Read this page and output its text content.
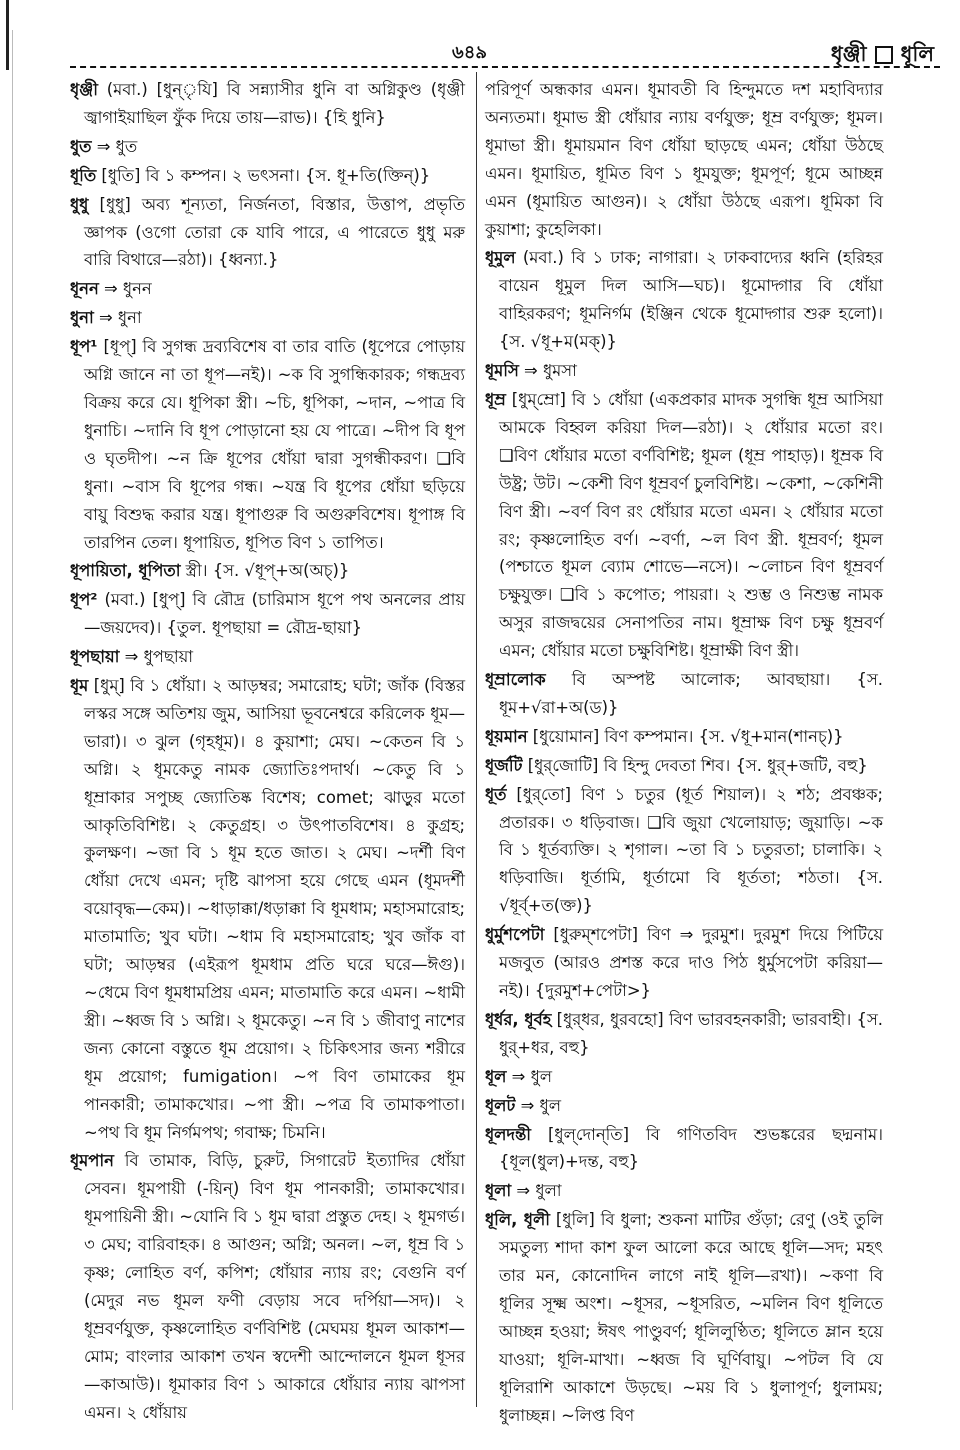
৬৪৯	ধৃঞ্জী ধূলি
ধৃঞ্জী (মবা.) [ধুন্‌ৃযি] বি সন্ন্যাসীর ধুনি বা অগ্নিকুণ্ড (ধৃঞ্জী জ্বাগাইয়াছিল ফুঁক দিয়ে তায়—রাভ)। {হি ধুনি}
ধুত ⇒ ধুত
ধূতি [ধুতি] বি ১ কম্পন। ২ ভৎসনা। {স. ধূ+তি(ক্তিন্‌)}
ধুধু [ধুধু] অব্য শূন্যতা, নির্জনতা, বিস্তার, উত্তাপ, প্রভৃতি জ্ঞাপক (ওগো তোরা কে যাবি পারে, এ পারেতে ধুধু মরু বারি বিথারে—রঠা)। {ধ্বন্যা.}
ধূনন ⇒ ধুনন
ধুনা ⇒ ধুনা
ধূপ¹ [ধূপ্‌] বি সুগন্ধ দ্রব্যবিশেষ বা তার বাতি (ধূপেরে পোড়ায় অগ্নি জানে না তা ধূপ—নই)। ~ক বি সুগন্ধিকারক; গন্ধদ্রব্য বিক্রয় করে যে। ধূপিকা স্ত্রী। ~চি, ধূপিকা, ~দান, ~পাত্র বি ধুনাচি। ~দানি বি ধূপ পোড়ানো হয় যে পাত্রে। ~দীপ বি ধূপ ও ঘৃতদীপ। ~ন ক্রি ধূপের ধোঁয়া দ্বারা সুগন্ধীকরণ। ❑বি ধুনা। ~বাস বি ধূপের গন্ধ। ~যন্ত্র বি ধূপের ধোঁয়া ছড়িয়ে বায়ু বিশুদ্ধ করার যন্ত্র। ধূপাগুরু বি অগুরুবিশেষ। ধূপাঙ্গ বি তারপিন তেল। ধূপায়িত, ধূপিত বিণ ১ তাপিত।
ধূপায়িতা, ধূপিতা স্ত্রী। {স. √ধূপ্‌+অ(অচ্‌)}
ধূপ² (মবা.) [ধুপ্‌] বি রৌদ্র (চারিমাস ধূপে পথ অনলের প্রায়—জয়দেব)। {তুল. ধূপছায়া = রৌদ্র-ছায়া}
ধূপছায়া ⇒ ধুপছায়া
ধূম [ধুম্‌] বি ১ ধোঁয়া। ২ আড়ম্বর; সমারোহ; ঘটা; জাঁক (বিস্তর লস্কর সঙ্গে অতিশয় জুম, আসিয়া ভূবনেশ্বরে করিলেক ধূম—ভারা)। ৩ ঝুল (গৃহধূম)। ৪ কুয়াশা; মেঘ। ~কেতন বি ১ অগ্নি। ২ ধূমকেতু নামক জ্যোতিঃপদার্থ। ~কেতু বি ১ ধূম্রাকার সপুচ্ছ জ্যোতিষ্ক বিশেষ; comet; ঝাড়ুর মতো আকৃতিবিশিষ্ট। ২ কেতুগ্রহ। ৩ উৎপাতবিশেষ। ৪ কুগ্রহ; কুলক্ষণ। ~জা বি ১ ধূম হতে জাত। ২ মেঘ। ~দর্শী বিণ ধোঁয়া দেখে এমন; দৃষ্টি ঝাপসা হয়ে গেছে এমন (ধূমদর্শী বয়োবৃদ্ধ—কেম)। ~ধাড়াক্কা/ধড়াক্কা বি ধূমধাম; মহাসমারোহ; মাতামাতি; খুব ঘটা। ~ধাম বি মহাসমারোহ; খুব জাঁক বা ঘটা; আড়ম্বর (এইরূপ ধূমধাম প্রতি ঘরে ঘরে—ঈগু)। ~ধেমে বিণ ধূমধামপ্রিয় এমন; মাতামাতি করে এমন। ~ধামী স্ত্রী। ~ধ্বজ বি ১ অগ্নি। ২ ধূমকেতু। ~ন বি ১ জীবাণু নাশের জন্য কোনো বস্তুতে ধূম প্রয়োগ। ২ চিকিৎসার জন্য শরীরে ধূম প্রয়োগ; fumigation। ~প বিণ তামাকের ধূম পানকারী; তামাকখোর। ~পা স্ত্রী। ~পত্র বি তামাকপাতা। ~পথ বি ধূম নির্গমপথ; গবাক্ষ; চিমনি।
ধূমপান বি তামাক, বিড়ি, চুরুট, সিগারেট ইত্যাদির ধোঁয়া সেবন। ধূমপায়ী (-য়িন্‌) বিণ ধূম পানকারী; তামাকখোর। ধূমপায়িনী স্ত্রী। ~যোনি বি ১ ধূম দ্বারা প্রস্তুত দেহ। ২ ধূমগর্ভ। ৩ মেঘ; বারিবাহক। ৪ আগুন; অগ্নি; অনল। ~ল, ধূম্র বি ১ কৃষ্ণ; লোহিত বর্ণ, কপিশ; ধোঁয়ার ন্যায় রং; বেগুনি বর্ণ (মেদুর নভ ধূমল ফণী বেড়ায় সবে দর্পিয়া—সদ)। ২ ধূম্রবর্ণযুক্ত, কৃষ্ণলোহিত বর্ণবিশিষ্ট (মেঘময় ধূমল আকাশ—মোম; বাংলার আকাশ তখন স্বদেশী আন্দোলনে ধূমল ধূসর—কাআউ)। ধূমাকার বিণ ১ আকারে ধোঁয়ার ন্যায় ঝাপসা এমন। ২ ধোঁয়ায়
পরিপূর্ণ অন্ধকার এমন। ধূমাবতী বি হিন্দুমতে দশ মহাবিদ্যার অন্যতমা। ধূমাভ স্ত্রী ধোঁয়ার ন্যায় বর্ণযুক্ত; ধূম্র বর্ণযুক্ত; ধূমল। ধূমাভা স্ত্রী। ধূমায়মান বিণ ধোঁয়া ছাড়ছে এমন; ধোঁয়া উঠছে এমন। ধূমায়িত, ধূমিত বিণ ১ ধূমযুক্ত; ধূমপূর্ণ; ধূমে আচ্ছন্ন এমন (ধূমায়িত আগুন)। ২ ধোঁয়া উঠছে এরূপ। ধূমিকা বি কুয়াশা; কুহেলিকা।
ধূমুল (মবা.) বি ১ ঢাক; নাগারা। ২ ঢাকবাদ্যের ধ্বনি (হরিহর বায়েন ধূমুল দিল আসি—ঘচ)। ধূমোদ্গার বি ধোঁয়া বাহিরকরণ; ধূমনির্গম (ইঞ্জিন থেকে ধূমোদ্গার শুরু হলো)। {স. √ধূ+ম(মক্‌)}
ধূমসি ⇒ ধুমসা
ধূম্র [ধুম্‌ম্রো] বি ১ ধোঁয়া (একপ্রকার মাদক সুগন্ধি ধূম্র আসিয়া আমকে বিহ্বল করিয়া দিল—রঠা)। ২ ধোঁয়ার মতো রং। ❑বিণ ধোঁয়ার মতো বর্ণবিশিষ্ট; ধূমল (ধূম্র পাহাড়)। ধূম্রক বি উষ্ট্র; উট। ~কেশী বিণ ধূম্রবর্ণ চুলবিশিষ্ট। ~কেশা, ~কেশিনী বিণ স্ত্রী। ~বর্ণ বিণ রং ধোঁয়ার মতো এমন। ২ ধোঁয়ার মতো রং; কৃষ্ণলোহিত বর্ণ। ~বর্ণা, ~ল বিণ স্ত্রী. ধূম্রবর্ণ; ধূমল (পশ্চাতে ধূমল ব্যোম শোভে—নসে)। ~লোচন বিণ ধূম্রবর্ণ চক্ষুযুক্ত। ❑বি ১ কপোত; পায়রা। ২ শুম্ভ ও নিশুম্ভ নামক অসুর রাজদ্বয়ের সেনাপতির নাম। ধূম্রাক্ষ বিণ চক্ষু ধূম্রবর্ণ এমন; ধোঁয়ার মতো চক্ষুবিশিষ্ট। ধূম্রাক্ষী বিণ স্ত্রী।
ধূম্রালোক বি অস্পষ্ট আলোক; আবছায়া। {স. ধূম+√রা+অ(ড)}
ধূয়মান [ধুয়োমান] বিণ কম্পমান। {স. √ধূ+মান(শানচ্‌)}
ধূর্জটি [ধুর্‌জোটি] বি হিন্দু দেবতা শিব। {স. ধুর্‌+জটি, বহু}
ধূর্ত [ধুর্‌তো] বিণ ১ চতুর (ধূর্ত শিয়াল)। ২ শঠ; প্রবঞ্চক; প্রতারক। ৩ ধড়িবাজ। ❑বি জুয়া খেলোয়াড়; জুয়াড়ি। ~ক বি ১ ধূর্তব্যক্তি। ২ শৃগাল। ~তা বি ১ চতুরতা; চালাকি। ২ ধড়িবাজি। ধূর্তামি, ধূর্তামো বি ধূর্ততা; শঠতা। {স. √ধূর্ব্‌+ত(ক্ত)}
ধুর্মুশপেটা [ধুরুম্‌শপেটা] বিণ ⇒ দুরমুশ। দুরমুশ দিয়ে পিটিয়ে মজবুত (আরও প্রশস্ত করে দাও পিঠ ধুর্মুসপেটা করিয়া—নই)। {দুরমুশ+পেটা>}
ধূর্ধর, ধূর্বহ [ধুর্‌ধর, ধুরবহো] বিণ ভারবহনকারী; ভারবাহী। {স. ধুর্‌+ধর, বহু}
ধূল ⇒ ধুল
ধূলট ⇒ ধুল
ধূলদন্তী [ধুল্‌দোন্‌তি] বি গণিতবিদ শুভঙ্করের ছদ্মনাম। {ধূল(ধুল)+দন্ত, বহু}
ধূলা ⇒ ধুলা
ধূলি, ধূলী [ধুলি] বি ধুলা; শুকনা মাটির গুঁড়া; রেণু (ওই তুলি সমতুল্য শাদা কাশ ফুল আলো করে আছে ধূলি—সদ; মহৎ তার মন, কোনোদিন লাগে নাই ধূলি—রখা)। ~কণা বি ধূলির সূক্ষ্ম অংশ। ~ধূসর, ~ধূসরিত, ~মলিন বিণ ধূলিতে আচ্ছন্ন হওয়া; ঈষৎ পাণ্ডুবর্ণ; ধূলিলুণ্ঠিত; ধূলিতে ম্লান হয়ে যাওয়া; ধূলি-মাখা। ~ধ্বজ বি ঘূর্ণিবায়ু। ~পটল বি যে ধূলিরাশি আকাশে উড়ছে। ~ময় বি ১ ধুলাপূর্ণ; ধুলাময়; ধুলাচ্ছন্ন। ~লিপ্ত বিণ
